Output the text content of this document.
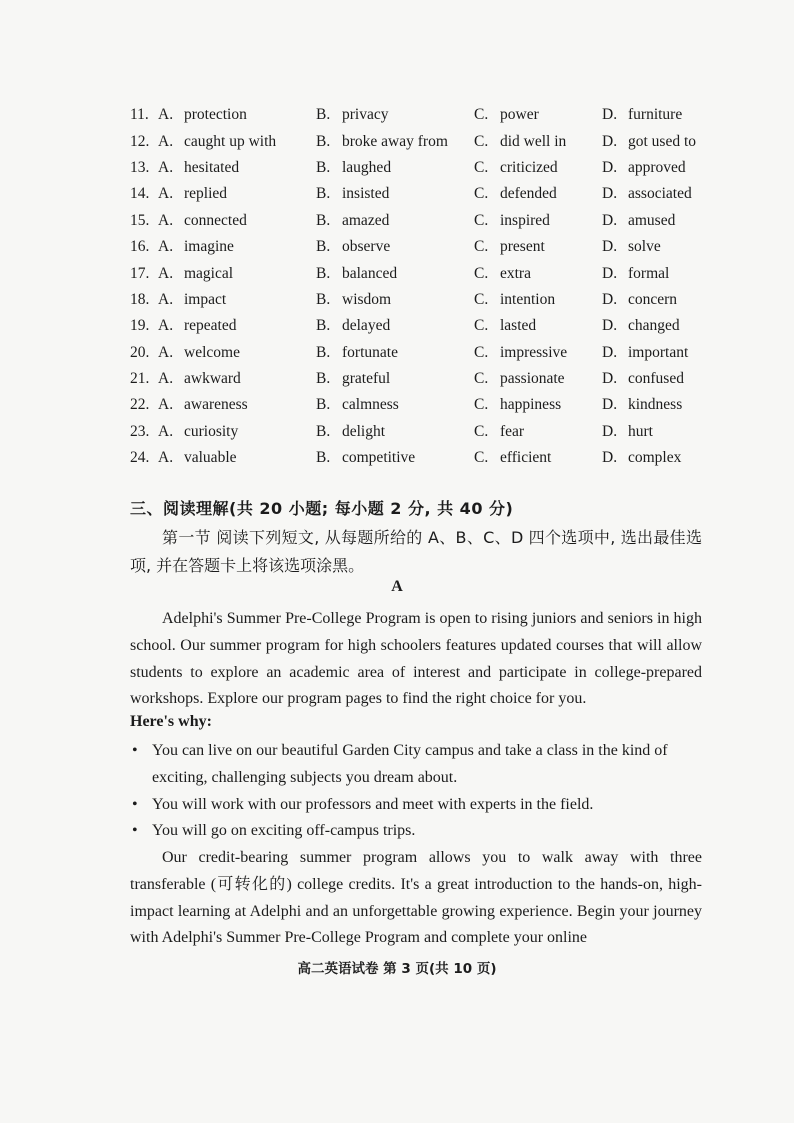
11.	A. protection	B. privacy	C. power	D. furniture
12.	A. caught up with	B. broke away from	C. did well in	D. got used to
13.	A. hesitated	B. laughed	C. criticized	D. approved
14.	A. replied	B. insisted	C. defended	D. associated
15.	A. connected	B. amazed	C. inspired	D. amused
16.	A. imagine	B. observe	C. present	D. solve
17.	A. magical	B. balanced	C. extra	D. formal
18.	A. impact	B. wisdom	C. intention	D. concern
19.	A. repeated	B. delayed	C. lasted	D. changed
20.	A. welcome	B. fortunate	C. impressive	D. important
21.	A. awkward	B. grateful	C. passionate	D. confused
22.	A. awareness	B. calmness	C. happiness	D. kindness
23.	A. curiosity	B. delight	C. fear	D. hurt
24.	A. valuable	B. competitive	C. efficient	D. complex
三、阅读理解(共 20 小题; 每小题 2 分, 共 40 分)

第一节 阅读下列短文, 从每题所给的 A、B、C、D 四个选项中, 选出最佳选项, 并在答题卡上将该选项涂黑。

A

Adelphi's Summer Pre-College Program is open to rising juniors and seniors in high school. Our summer program for high schoolers features updated courses that will allow students to explore an academic area of interest and participate in college-prepared workshops. Explore our program pages to find the right choice for you.

Here's why:
• You can live on our beautiful Garden City campus and take a class in the kind of exciting, challenging subjects you dream about.
• You will work with our professors and meet with experts in the field.
• You will go on exciting off-campus trips.

Our credit-bearing summer program allows you to walk away with three transferable (可转化的) college credits. It's a great introduction to the hands-on, high-impact learning at Adelphi and an unforgettable growing experience. Begin your journey with Adelphi's Summer Pre-College Program and complete your online

高二英语试卷 第 3 页(共 10 页)
